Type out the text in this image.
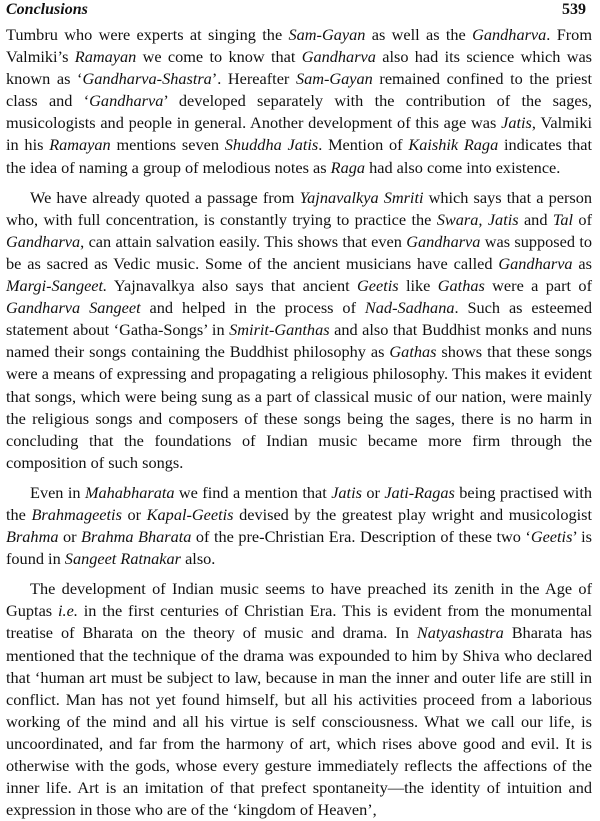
Conclusions	539

Tumbru who were experts at singing the Sam-Gayan as well as the Gandharva. From Valmiki’s Ramayan we come to know that Gandharva also had its science which was known as ‘Gandharva-Shastra’. Hereafter Sam-Gayan remained confined to the priest class and ‘Gandharva’ developed separately with the contribution of the sages, musicologists and people in general. Another development of this age was Jatis, Valmiki in his Ramayan mentions seven Shuddha Jatis. Mention of Kaishik Raga indicates that the idea of naming a group of melodious notes as Raga had also come into existence.

We have already quoted a passage from Yajnavalkya Smriti which says that a person who, with full concentration, is constantly trying to practice the Swara, Jatis and Tal of Gandharva, can attain salvation easily. This shows that even Gandharva was supposed to be as sacred as Vedic music. Some of the ancient musicians have called Gandharva as Margi-Sangeet. Yajnavalkya also says that ancient Geetis like Gathas were a part of Gandharva Sangeet and helped in the process of Nad-Sadhana. Such as esteemed statement about ‘Gatha-Songs’ in Smirit-Ganthas and also that Buddhist monks and nuns named their songs containing the Buddhist philosophy as Gathas shows that these songs were a means of expressing and propagating a religious philosophy. This makes it evident that songs, which were being sung as a part of classical music of our nation, were mainly the religious songs and composers of these songs being the sages, there is no harm in concluding that the foundations of Indian music became more firm through the composition of such songs.

Even in Mahabharata we find a mention that Jatis or Jati-Ragas being practised with the Brahmageetis or Kapal-Geetis devised by the greatest play wright and musicologist Brahma or Brahma Bharata of the pre-Christian Era. Description of these two ‘Geetis’ is found in Sangeet Ratnakar also.

The development of Indian music seems to have preached its zenith in the Age of Guptas i.e. in the first centuries of Christian Era. This is evident from the monumental treatise of Bharata on the theory of music and drama. In Natyashastra Bharata has mentioned that the technique of the drama was expounded to him by Shiva who declared that ‘human art must be subject to law, because in man the inner and outer life are still in conflict. Man has not yet found himself, but all his activities proceed from a laborious working of the mind and all his virtue is self consciousness. What we call our life, is uncoordinated, and far from the harmony of art, which rises above good and evil. It is otherwise with the gods, whose every gesture immediately reflects the affections of the inner life. Art is an imitation of that prefect spontaneity—the identity of intuition and expression in those who are of the ‘kingdom of Heaven’,
